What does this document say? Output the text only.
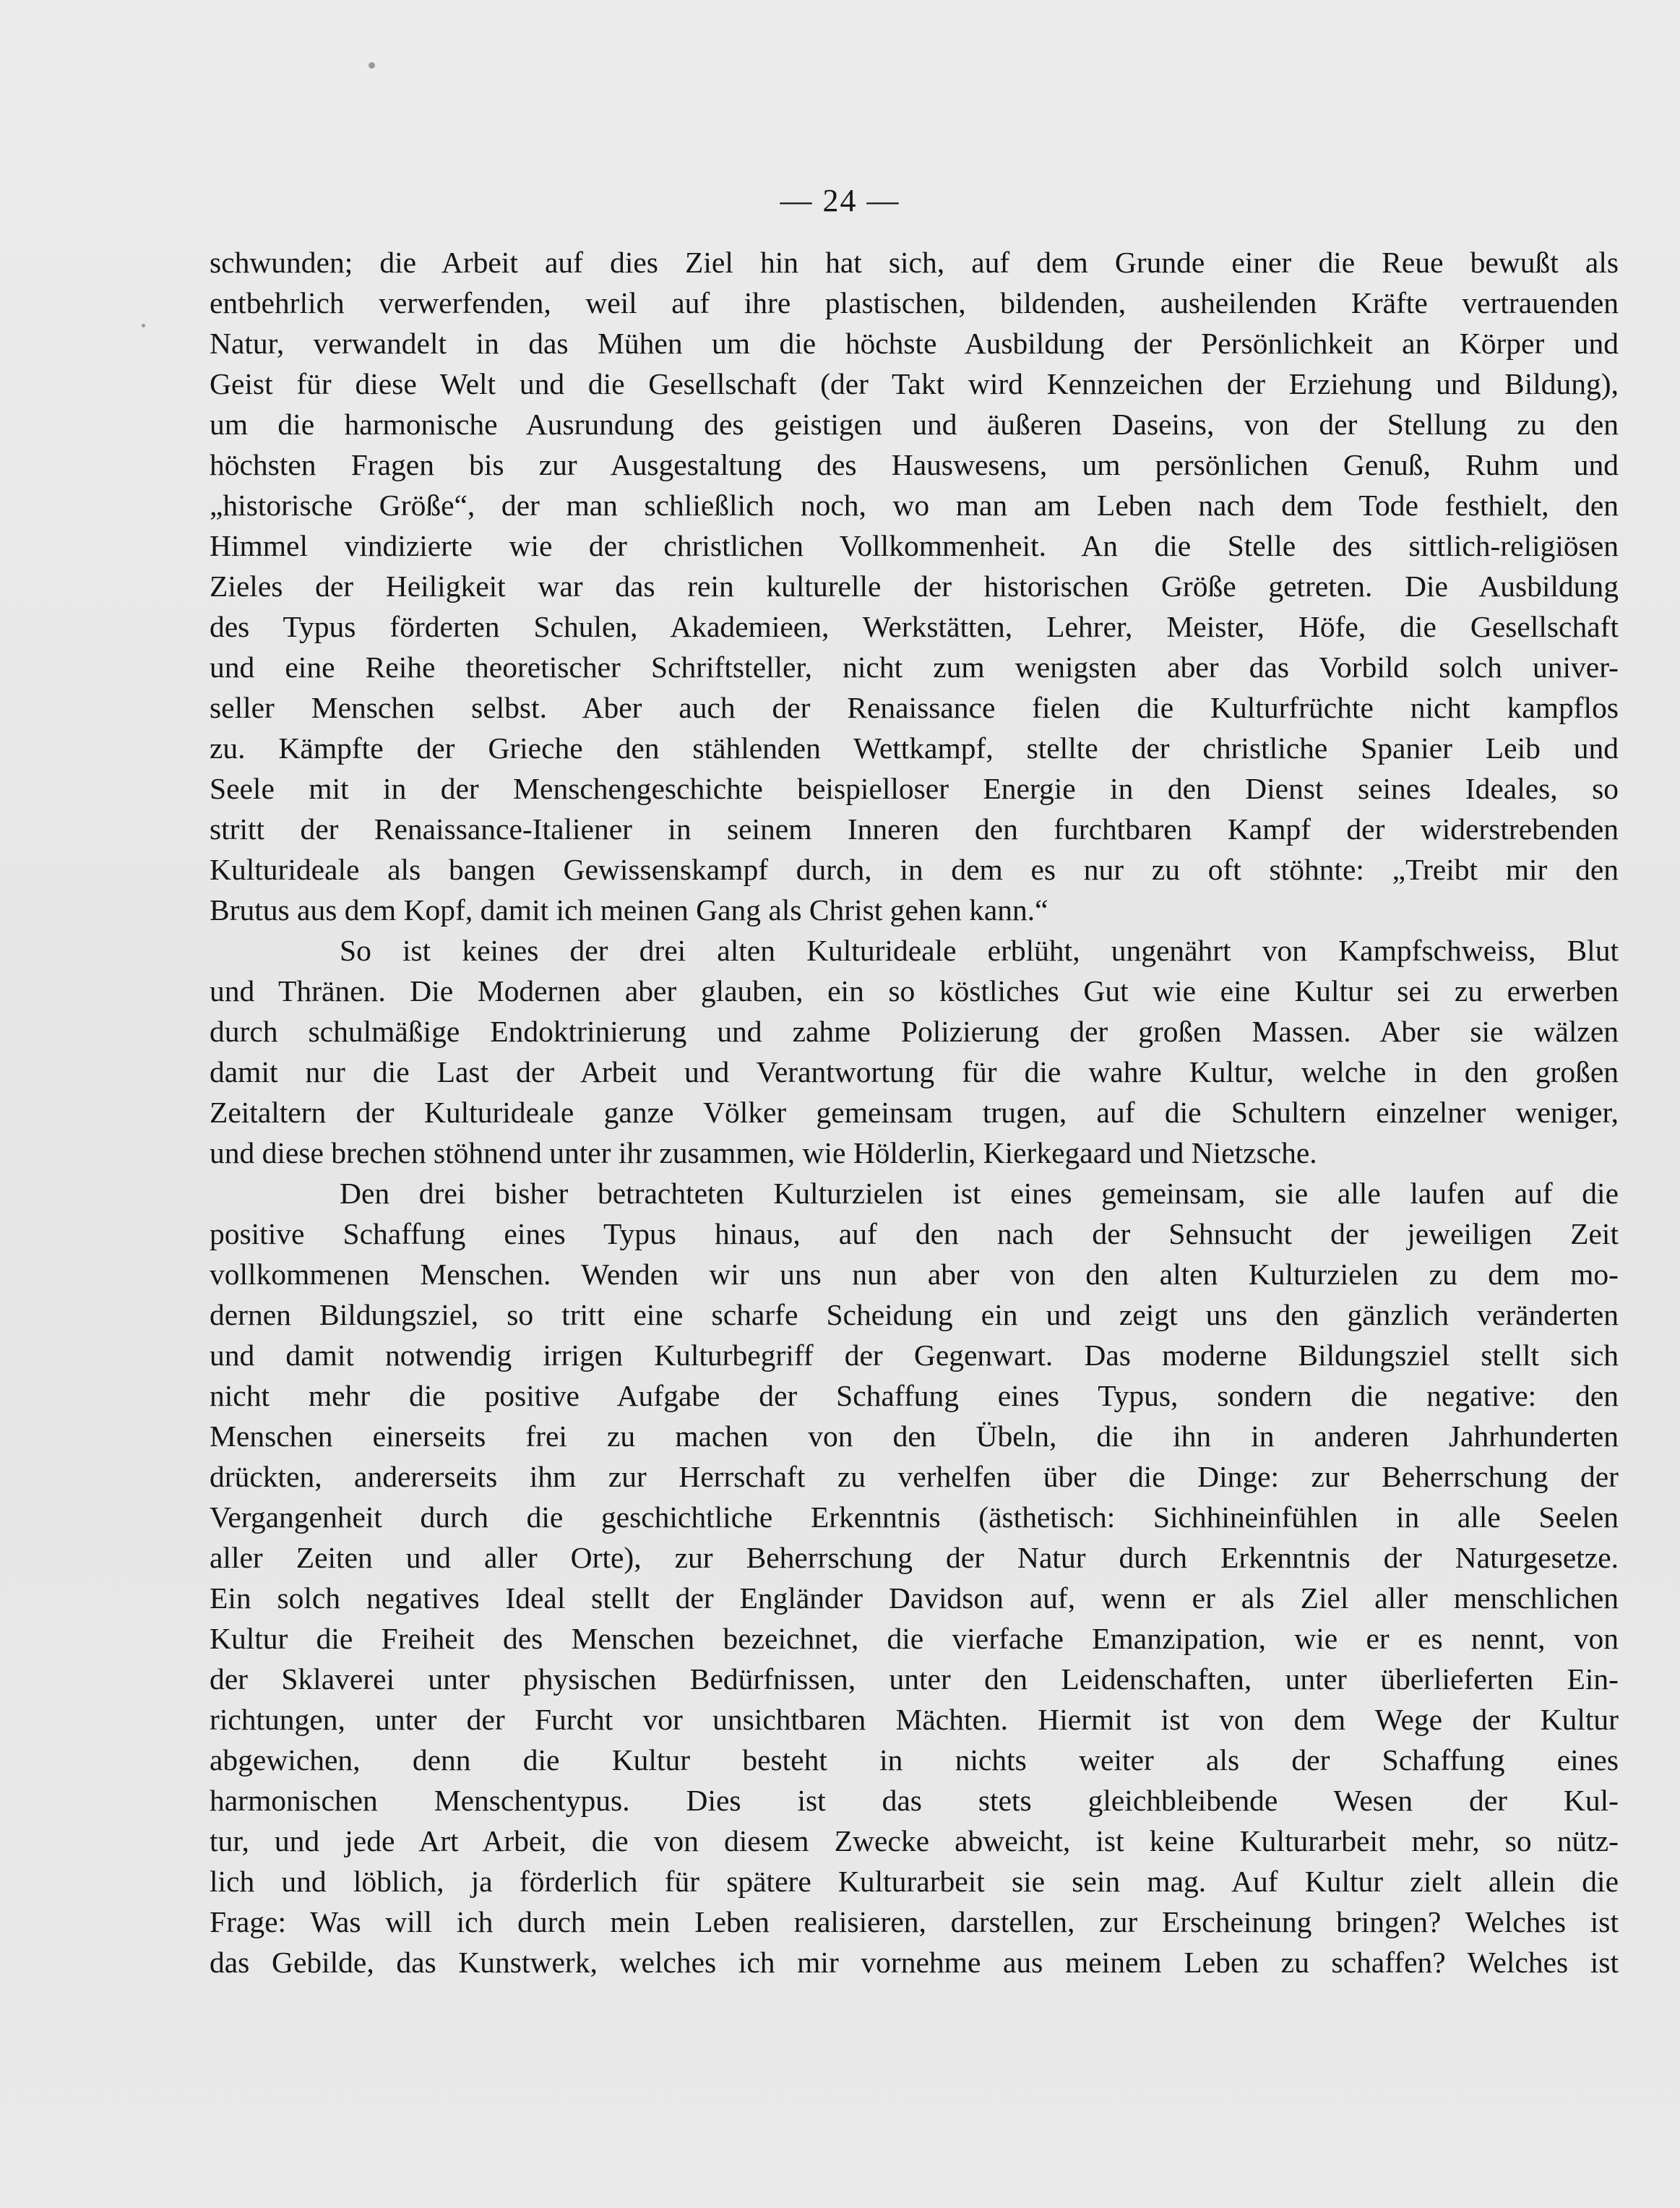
— 24 —
schwunden; die Arbeit auf dies Ziel hin hat sich, auf dem Grunde einer die Reue bewußt als
entbehrlich verwerfenden, weil auf ihre plastischen, bildenden, ausheilenden Kräfte vertrauenden
Natur, verwandelt in das Mühen um die höchste Ausbildung der Persönlichkeit an Körper und
Geist für diese Welt und die Gesellschaft (der Takt wird Kennzeichen der Erziehung und Bildung),
um die harmonische Ausrundung des geistigen und äußeren Daseins, von der Stellung zu den
höchsten Fragen bis zur Ausgestaltung des Hauswesens, um persönlichen Genuß, Ruhm und
„historische Größe“, der man schließlich noch, wo man am Leben nach dem Tode festhielt, den
Himmel vindizierte wie der christlichen Vollkommenheit. An die Stelle des sittlich-religiösen
Zieles der Heiligkeit war das rein kulturelle der historischen Größe getreten. Die Ausbildung
des Typus förderten Schulen, Akademieen, Werkstätten, Lehrer, Meister, Höfe, die Gesellschaft
und eine Reihe theoretischer Schriftsteller, nicht zum wenigsten aber das Vorbild solch univer-
seller Menschen selbst. Aber auch der Renaissance fielen die Kulturfrüchte nicht kampflos
zu. Kämpfte der Grieche den stählenden Wettkampf, stellte der christliche Spanier Leib und
Seele mit in der Menschengeschichte beispielloser Energie in den Dienst seines Ideales, so
stritt der Renaissance-Italiener in seinem Inneren den furchtbaren Kampf der widerstrebenden
Kulturideale als bangen Gewissenskampf durch, in dem es nur zu oft stöhnte: „Treibt mir den
Brutus aus dem Kopf, damit ich meinen Gang als Christ gehen kann.“
So ist keines der drei alten Kulturideale erblüht, ungenährt von Kampfschweiss, Blut
und Thränen. Die Modernen aber glauben, ein so köstliches Gut wie eine Kultur sei zu erwerben
durch schulmäßige Endoktrinierung und zahme Polizierung der großen Massen. Aber sie wälzen
damit nur die Last der Arbeit und Verantwortung für die wahre Kultur, welche in den großen
Zeitaltern der Kulturideale ganze Völker gemeinsam trugen, auf die Schultern einzelner weniger,
und diese brechen stöhnend unter ihr zusammen, wie Hölderlin, Kierkegaard und Nietzsche.
Den drei bisher betrachteten Kulturzielen ist eines gemeinsam, sie alle laufen auf die
positive Schaffung eines Typus hinaus, auf den nach der Sehnsucht der jeweiligen Zeit
vollkommenen Menschen. Wenden wir uns nun aber von den alten Kulturzielen zu dem mo-
dernen Bildungsziel, so tritt eine scharfe Scheidung ein und zeigt uns den gänzlich veränderten
und damit notwendig irrigen Kulturbegriff der Gegenwart. Das moderne Bildungsziel stellt sich
nicht mehr die positive Aufgabe der Schaffung eines Typus, sondern die negative: den
Menschen einerseits frei zu machen von den Übeln, die ihn in anderen Jahrhunderten
drückten, andererseits ihm zur Herrschaft zu verhelfen über die Dinge: zur Beherrschung der
Vergangenheit durch die geschichtliche Erkenntnis (ästhetisch: Sichhineinfühlen in alle Seelen
aller Zeiten und aller Orte), zur Beherrschung der Natur durch Erkenntnis der Naturgesetze.
Ein solch negatives Ideal stellt der Engländer Davidson auf, wenn er als Ziel aller menschlichen
Kultur die Freiheit des Menschen bezeichnet, die vierfache Emanzipation, wie er es nennt, von
der Sklaverei unter physischen Bedürfnissen, unter den Leidenschaften, unter überlieferten Ein-
richtungen, unter der Furcht vor unsichtbaren Mächten. Hiermit ist von dem Wege der Kultur
abgewichen, denn die Kultur besteht in nichts weiter als der Schaffung eines
harmonischen Menschentypus. Dies ist das stets gleichbleibende Wesen der Kul-
tur, und jede Art Arbeit, die von diesem Zwecke abweicht, ist keine Kulturarbeit mehr, so nütz-
lich und löblich, ja förderlich für spätere Kulturarbeit sie sein mag. Auf Kultur zielt allein die
Frage: Was will ich durch mein Leben realisieren, darstellen, zur Erscheinung bringen? Welches ist
das Gebilde, das Kunstwerk, welches ich mir vornehme aus meinem Leben zu schaffen? Welches ist
